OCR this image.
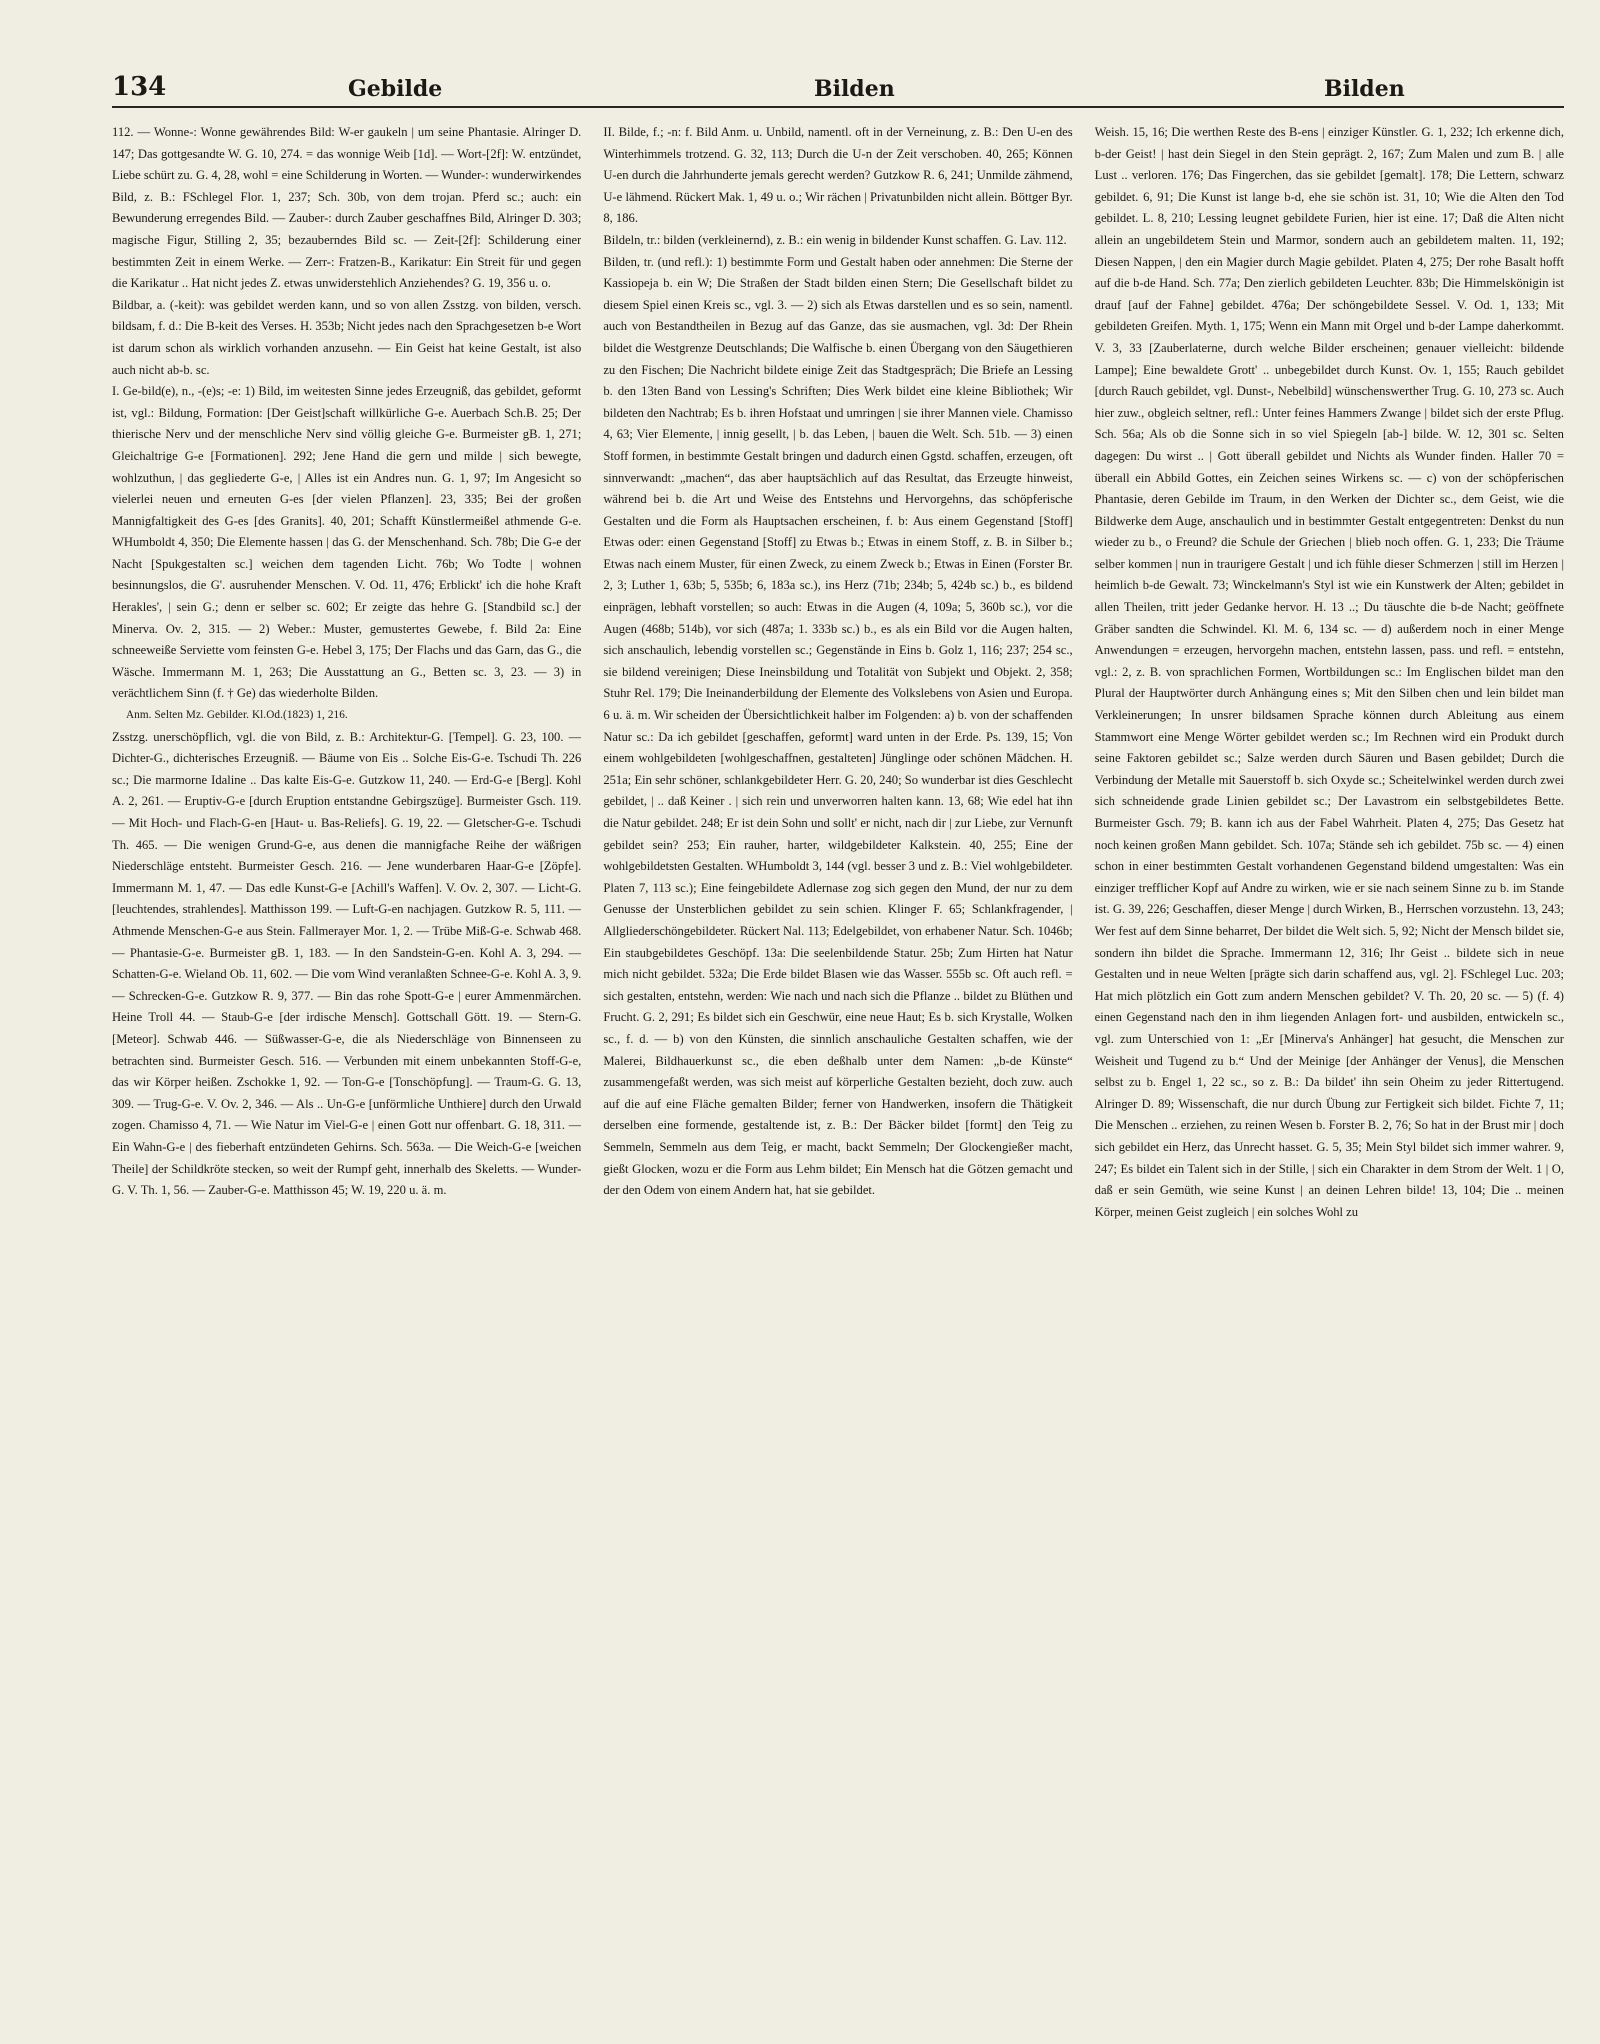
134	Gebilde	Bilden	Bilden

112. — Wonne-: Wonne gewährendes Bild: W-er gaukeln | um seine Phantasie. Alringer D. 147; Das gottgesandte W. G. 10, 274. = das wonnige Weib [1d]. — Wort-[2f]: W. entzündet, Liebe schürt zu. G. 4, 28, wohl = eine Schilderung in Worten. — Wunder-: wunderwirkendes Bild, z. B.: FSchlegel Flor. 1, 237; Sch. 30b, von dem trojan. Pferd sc.; auch: ein Bewunderung erregendes Bild. — Zauber-: durch Zauber geschaffnes Bild, Alringer D. 303; magische Figur, Stilling 2, 35; bezauberndes Bild sc. — Zeit-[2f]: Schilderung einer bestimmten Zeit in einem Werke. — Zerr-: Fratzen-B., Karikatur: Ein Streit für und gegen die Karikatur .. Hat nicht jedes Z. etwas unwiderstehlich Anziehendes? G. 19, 356 u. o.

Bildbar, a. (-keit): was gebildet werden kann, und so von allen Zsstzg. von bilden, versch. bildsam, f. d.: Die B-keit des Verses. H. 353b; Nicht jedes nach den Sprachgesetzen b-e Wort ist darum schon als wirklich vorhanden anzusehn. — Ein Geist hat keine Gestalt, ist also auch nicht ab-b. sc.

I. Ge-bild(e), n., -(e)s; -e: 1) Bild, im weitesten Sinne jedes Erzeugniß, das gebildet, geformt ist, vgl.: Bildung, Formation: [Der Geist]schaft willkürliche G-e. Auerbach Sch.B. 25; Der thierische Nerv und der menschliche Nerv sind völlig gleiche G-e. Burmeister gB. 1, 271; Gleichaltrige G-e [Formationen]. 292; Jene Hand die gern und milde | sich bewegte, wohlzuthun, | das gegliederte G-e, | Alles ist ein Andres nun. G. 1, 97; Im Angesicht so vielerlei neuen und erneuten G-es [der vielen Pflanzen]. 23, 335; Bei der großen Mannigfaltigkeit des G-es [des Granits]. 40, 201; Schafft Künstlermeißel athmende G-e. WHumboldt 4, 350; Die Elemente hassen | das G. der Menschenhand. Sch. 78b; Die G-e der Nacht [Spukgestalten sc.] weichen dem tagenden Licht. 76b; Wo Todte | wohnen besinnungslos, die G'. ausruhender Menschen. V. Od. 11, 476; Erblickt' ich die hohe Kraft Herakles', | sein G.; denn er selber sc. 602; Er zeigte das hehre G. [Standbild sc.] der Minerva. Ov. 2, 315. — 2) Weber.: Muster, gemustertes Gewebe, f. Bild 2a: Eine schneeweiße Serviette vom feinsten G-e. Hebel 3, 175; Der Flachs und das Garn, das G., die Wäsche. Immermann M. 1, 263; Die Ausstattung an G., Betten sc. 3, 23. — 3) in verächtlichem Sinn (f. † Ge) das wiederholte Bilden.

Anm. Selten Mz. Gebilder. Kl.Od.(1823) 1, 216.

Zsstzg. unerschöpflich, vgl. die von Bild, z. B.: Architektur-G. [Tempel]. G. 23, 100. — Dichter-G., dichterisches Erzeugniß. — Bäume von Eis .. Solche Eis-G-e. Tschudi Th. 226 sc.; Die marmorne Idaline .. Das kalte Eis-G-e. Gutzkow 11, 240. — Erd-G-e [Berg]. Kohl A. 2, 261. — Eruptiv-G-e [durch Eruption entstandne Gebirgszüge]. Burmeister Gsch. 119. — Mit Hoch- und Flach-G-en [Haut- u. Bas-Reliefs]. G. 19, 22. — Gletscher-G-e. Tschudi Th. 465. — Die wenigen Grund-G-e, aus denen die mannigfache Reihe der wäßrigen Niederschläge entsteht. Burmeister Gesch. 216. — Jene wunderbaren Haar-G-e [Zöpfe]. Immermann M. 1, 47. — Das edle Kunst-G-e [Achill's Waffen]. V. Ov. 2, 307. — Licht-G. [leuchtendes, strahlendes]. Matthisson 199. — Luft-G-en nachjagen. Gutzkow R. 5, 111. — Athmende Menschen-G-e aus Stein. Fallmerayer Mor. 1, 2. — Trübe Miß-G-e. Schwab 468. — Phantasie-G-e. Burmeister gB. 1, 183. — In den Sandstein-G-en. Kohl A. 3, 294. — Schatten-G-e. Wieland Ob. 11, 602. — Die vom Wind veranlaßten Schnee-G-e. Kohl A. 3, 9. — Schrecken-G-e. Gutzkow R. 9, 377. — Bin das rohe Spott-G-e | eurer Ammenmärchen. Heine Troll 44. — Staub-G-e [der irdische Mensch]. Gottschall Gött. 19. — Stern-G. [Meteor]. Schwab 446. — Süßwasser-G-e, die als Niederschläge von Binnenseen zu betrachten sind. Burmeister Gesch. 516. — Verbunden mit einem unbekannten Stoff-G-e, das wir Körper heißen. Zschokke 1, 92. — Ton-G-e [Tonschöpfung]. — Traum-G. G. 13, 309. — Trug-G-e. V. Ov. 2, 346. — Als .. Un-G-e [unförmliche Unthiere] durch den Urwald zogen. Chamisso 4, 71. — Wie Natur im Viel-G-e | einen Gott nur offenbart. G. 18, 311. — Ein Wahn-G-e | des fieberhaft entzündeten Gehirns. Sch. 563a. — Die Weich-G-e [weichen Theile] der Schildkröte stecken, so weit der Rumpf geht, innerhalb des Skeletts. — Wunder-G. V. Th. 1, 56. — Zauber-G-e. Matthisson 45; W. 19, 220 u. ä. m.

II. Bilde, f.; -n: f. Bild Anm. u. Unbild, namentl. oft in der Verneinung, z. B.: Den U-en des Winterhimmels trotzend. G. 32, 113; Durch die U-n der Zeit verschoben. 40, 265; Können U-en durch die Jahrhunderte jemals gerecht werden? Gutzkow R. 6, 241; Unmilde zähmend, U-e lähmend. Rückert Mak. 1, 49 u. o.; Wir rächen | Privatunbilden nicht allein. Böttger Byr. 8, 186.

Bildeln, tr.: bilden (verkleinernd), z. B.: ein wenig in bildender Kunst schaffen. G. Lav. 112.

Bilden, tr. (und refl.): 1) bestimmte Form und Gestalt haben oder annehmen: Die Sterne der Kassiopeja b. ein W; Die Straßen der Stadt bilden einen Stern; Die Gesellschaft bildet zu diesem Spiel einen Kreis sc., vgl. 3. — 2) sich als Etwas darstellen und es so sein, namentl. auch von Bestandtheilen in Bezug auf das Ganze, das sie ausmachen, vgl. 3d: Der Rhein bildet die Westgrenze Deutschlands; Die Walfische b. einen Übergang von den Säugethieren zu den Fischen; Die Nachricht bildete einige Zeit das Stadtgespräch; Die Briefe an Lessing b. den 13ten Band von Lessing's Schriften; Dies Werk bildet eine kleine Bibliothek; Wir bildeten den Nachtrab; Es b. ihren Hofstaat und umringen | sie ihrer Mannen viele. Chamisso 4, 63; Vier Elemente, | innig gesellt, | b. das Leben, | bauen die Welt. Sch. 51b. — 3) einen Stoff formen, in bestimmte Gestalt bringen und dadurch einen Ggstd. schaffen, erzeugen, oft sinnverwandt: „machen“, das aber hauptsächlich auf das Resultat, das Erzeugte hinweist, während bei b. die Art und Weise des Entstehns und Hervorgehns, das schöpferische Gestalten und die Form als Hauptsachen erscheinen, f. b: Aus einem Gegenstand [Stoff] Etwas oder: einen Gegenstand [Stoff] zu Etwas b.; Etwas in einem Stoff, z. B. in Silber b.; Etwas nach einem Muster, für einen Zweck, zu einem Zweck b.; Etwas in Einen (Forster Br. 2, 3; Luther 1, 63b; 5, 535b; 6, 183a sc.), ins Herz (71b; 234b; 5, 424b sc.) b., es bildend einprägen, lebhaft vorstellen; so auch: Etwas in die Augen (4, 109a; 5, 360b sc.), vor die Augen (468b; 514b), vor sich (487a; 1. 333b sc.) b., es als ein Bild vor die Augen halten, sich anschaulich, lebendig vorstellen sc.; Gegenstände in Eins b. Golz 1, 116; 237; 254 sc., sie bildend vereinigen; Diese Ineinsbildung und Totalität von Subjekt und Objekt. 2, 358; Stuhr Rel. 179; Die Ineinanderbildung der Elemente des Volkslebens von Asien und Europa. 6 u. ä. m. Wir scheiden der Übersichtlichkeit halber im Folgenden: a) b. von der schaffenden Natur sc.: Da ich gebildet [geschaffen, geformt] ward unten in der Erde. Ps. 139, 15; Von einem wohlgebildeten [wohlgeschaffnen, gestalteten] Jünglinge oder schönen Mädchen. H. 251a; Ein sehr schöner, schlankgebildeter Herr. G. 20, 240; So wunderbar ist dies Geschlecht gebildet, | .. daß Keiner . | sich rein und unverworren halten kann. 13, 68; Wie edel hat ihn die Natur gebildet. 248; Er ist dein Sohn und sollt' er nicht, nach dir | zur Liebe, zur Vernunft gebildet sein? 253; Ein rauher, harter, wildgebildeter Kalkstein. 40, 255; Eine der wohlgebildetsten Gestalten. WHumboldt 3, 144 (vgl. besser 3 und z. B.: Viel wohlgebildeter. Platen 7, 113 sc.); Eine feingebildete Adlernase zog sich gegen den Mund, der nur zu dem Genusse der Unsterblichen gebildet zu sein schien. Klinger F. 65; Schlankfragender, | Allgliederschöngebildeter. Rückert Nal. 113; Edelgebildet, von erhabener Natur. Sch. 1046b; Ein staubgebildetes Geschöpf. 13a: Die seelenbildende Statur. 25b; Zum Hirten hat Natur mich nicht gebildet. 532a; Die Erde bildet Blasen wie das Wasser. 555b sc. Oft auch refl. = sich gestalten, entstehn, werden: Wie nach und nach sich die Pflanze .. bildet zu Blüthen und Frucht. G. 2, 291; Es bildet sich ein Geschwür, eine neue Haut; Es b. sich Krystalle, Wolken sc., f. d. — b) von den Künsten, die sinnlich anschauliche Gestalten schaffen, wie der Malerei, Bildhauerkunst sc., die eben deßhalb unter dem Namen: „b-de Künste“ zusammengefaßt werden, was sich meist auf körperliche Gestalten bezieht, doch zuw. auch auf die auf eine Fläche gemalten Bilder; ferner von Handwerken, insofern die Thätigkeit derselben eine formende, gestaltende ist, z. B.: Der Bäcker bildet [formt] den Teig zu Semmeln, Semmeln aus dem Teig, er macht, backt Semmeln; Der Glockengießer macht, gießt Glocken, wozu er die Form aus Lehm bildet; Ein Mensch hat die Götzen gemacht und der den Odem von einem Andern hat, hat sie gebildet.

Weish. 15, 16; Die werthen Reste des B-ens | einziger Künstler. G. 1, 232; Ich erkenne dich, b-der Geist! | hast dein Siegel in den Stein geprägt. 2, 167; Zum Malen und zum B. | alle Lust .. verloren. 176; Das Fingerchen, das sie gebildet [gemalt]. 178; Die Lettern, schwarz gebildet. 6, 91; Die Kunst ist lange b-d, ehe sie schön ist. 31, 10; Wie die Alten den Tod gebildet. L. 8, 210; Lessing leugnet gebildete Furien, hier ist eine. 17; Daß die Alten nicht allein an ungebildetem Stein und Marmor, sondern auch an gebildetem malten. 11, 192; Diesen Nappen, | den ein Magier durch Magie gebildet. Platen 4, 275; Der rohe Basalt hofft auf die b-de Hand. Sch. 77a; Den zierlich gebildeten Leuchter. 83b; Die Himmelskönigin ist drauf [auf der Fahne] gebildet. 476a; Der schöngebildete Sessel. V. Od. 1, 133; Mit gebildeten Greifen. Myth. 1, 175; Wenn ein Mann mit Orgel und b-der Lampe daherkommt. V. 3, 33 [Zauberlaterne, durch welche Bilder erscheinen; genauer vielleicht: bildende Lampe]; Eine bewaldete Grott' .. unbegebildet durch Kunst. Ov. 1, 155; Rauch gebildet [durch Rauch gebildet, vgl. Dunst-, Nebelbild] wünschenswerther Trug. G. 10, 273 sc. Auch hier zuw., obgleich seltner, refl.: Unter feines Hammers Zwange | bildet sich der erste Pflug. Sch. 56a; Als ob die Sonne sich in so viel Spiegeln [ab-] bilde. W. 12, 301 sc. Selten dagegen: Du wirst .. | Gott überall gebildet und Nichts als Wunder finden. Haller 70 = überall ein Abbild Gottes, ein Zeichen seines Wirkens sc. — c) von der schöpferischen Phantasie, deren Gebilde im Traum, in den Werken der Dichter sc., dem Geist, wie die Bildwerke dem Auge, anschaulich und in bestimmter Gestalt entgegentreten: Denkst du nun wieder zu b., o Freund? die Schule der Griechen | blieb noch offen. G. 1, 233; Die Träume selber kommen | nun in traurigere Gestalt | und ich fühle dieser Schmerzen | still im Herzen | heimlich b-de Gewalt. 73; Winckelmann's Styl ist wie ein Kunstwerk der Alten; gebildet in allen Theilen, tritt jeder Gedanke hervor. H. 13 ..; Du täuschte die b-de Nacht; geöffnete Gräber sandten die Schwindel. Kl. M. 6, 134 sc. — d) außerdem noch in einer Menge Anwendungen = erzeugen, hervorgehn machen, entstehn lassen, pass. und refl. = entstehn, vgl.: 2, z. B. von sprachlichen Formen, Wortbildungen sc.: Im Englischen bildet man den Plural der Hauptwörter durch Anhängung eines s; Mit den Silben chen und lein bildet man Verkleinerungen; In unsrer bildsamen Sprache können durch Ableitung aus einem Stammwort eine Menge Wörter gebildet werden sc.; Im Rechnen wird ein Produkt durch seine Faktoren gebildet sc.; Salze werden durch Säuren und Basen gebildet; Durch die Verbindung der Metalle mit Sauerstoff b. sich Oxyde sc.; Scheitelwinkel werden durch zwei sich schneidende grade Linien gebildet sc.; Der Lavastrom ein selbstgebildetes Bette. Burmeister Gsch. 79; B. kann ich aus der Fabel Wahrheit. Platen 4, 275; Das Gesetz hat noch keinen großen Mann gebildet. Sch. 107a; Stände seh ich gebildet. 75b sc. — 4) einen schon in einer bestimmten Gestalt vorhandenen Gegenstand bildend umgestalten: Was ein einziger trefflicher Kopf auf Andre zu wirken, wie er sie nach seinem Sinne zu b. im Stande ist. G. 39, 226; Geschaffen, dieser Menge | durch Wirken, B., Herrschen vorzustehn. 13, 243; Wer fest auf dem Sinne beharret, Der bildet die Welt sich. 5, 92; Nicht der Mensch bildet sie, sondern ihn bildet die Sprache. Immermann 12, 316; Ihr Geist .. bildete sich in neue Gestalten und in neue Welten [prägte sich darin schaffend aus, vgl. 2]. FSchlegel Luc. 203; Hat mich plötzlich ein Gott zum andern Menschen gebildet? V. Th. 20, 20 sc. — 5) (f. 4) einen Gegenstand nach den in ihm liegenden Anlagen fort- und ausbilden, entwickeln sc., vgl. zum Unterschied von 1: „Er [Minerva's Anhänger] hat gesucht, die Menschen zur Weisheit und Tugend zu b.“ Und der Meinige [der Anhänger der Venus], die Menschen selbst zu b. Engel 1, 22 sc., so z. B.: Da bildet' ihn sein Oheim zu jeder Rittertugend. Alringer D. 89; Wissenschaft, die nur durch Übung zur Fertigkeit sich bildet. Fichte 7, 11; Die Menschen .. erziehen, zu reinen Wesen b. Forster B. 2, 76; So hat in der Brust mir | doch sich gebildet ein Herz, das Unrecht hasset. G. 5, 35; Mein Styl bildet sich immer wahrer. 9, 247; Es bildet ein Talent sich in der Stille, | sich ein Charakter in dem Strom der Welt. 1 | O, daß er sein Gemüth, wie seine Kunst | an deinen Lehren bilde! 13, 104; Die .. meinen Körper, meinen Geist zugleich | ein solches Wohl zu
